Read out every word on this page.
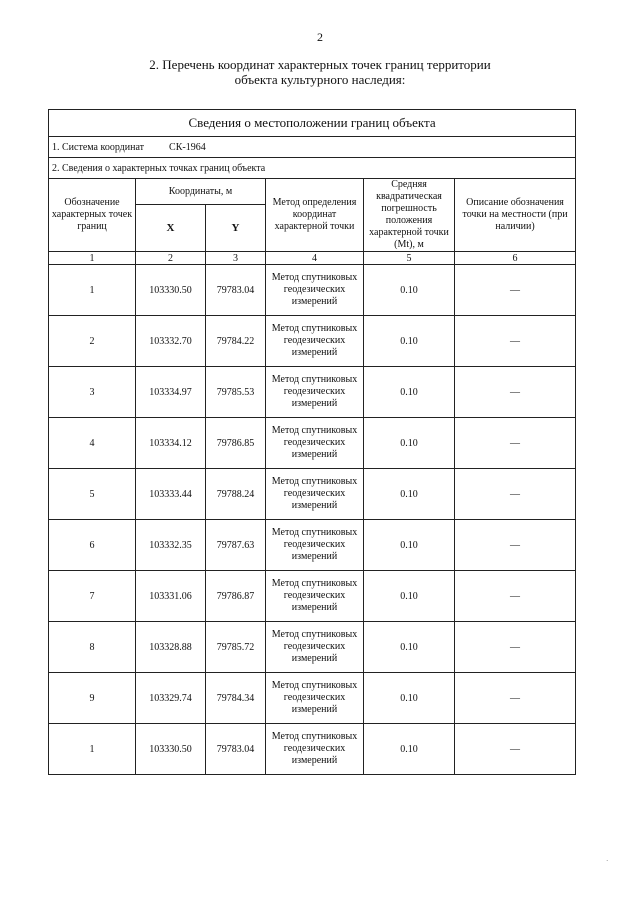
2
2. Перечень координат характерных точек границ территории
объекта культурного наследия:
Сведения о местоположении границ объекта					
1. Система координат СК-1964					
2. Сведения о характерных точках границ объекта					
Обозначение характерных точек границ	Координаты, м		Метод определения координат характерной точки	Средняя квадратическая погрешность положения характерной точки (Mt), м	Описание обозначения точки на местности (при наличии)
	X	Y			
1	2	3	4	5	6
1	103330.50	79783.04	Метод спутниковых геодезических измерений	0.10	—
2	103332.70	79784.22	Метод спутниковых геодезических измерений	0.10	—
3	103334.97	79785.53	Метод спутниковых геодезических измерений	0.10	—
4	103334.12	79786.85	Метод спутниковых геодезических измерений	0.10	—
5	103333.44	79788.24	Метод спутниковых геодезических измерений	0.10	—
6	103332.35	79787.63	Метод спутниковых геодезических измерений	0.10	—
7	103331.06	79786.87	Метод спутниковых геодезических измерений	0.10	—
8	103328.88	79785.72	Метод спутниковых геодезических измерений	0.10	—
9	103329.74	79784.34	Метод спутниковых геодезических измерений	0.10	—
1	103330.50	79783.04	Метод спутниковых геодезических измерений	0.10	—
·
